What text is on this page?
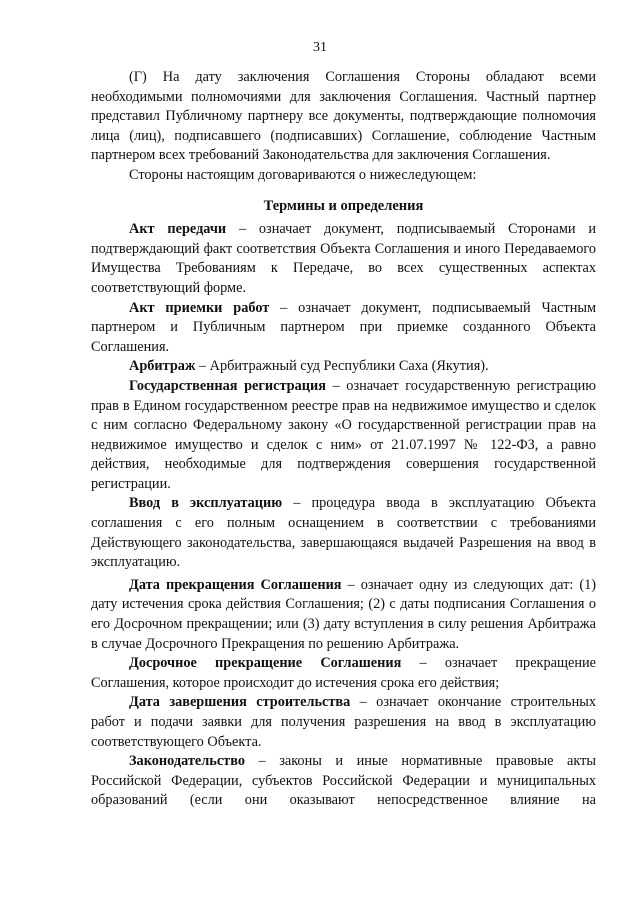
31

(Г) На дату заключения Соглашения Стороны обладают всеми необходимыми полномочиями для заключения Соглашения. Частный партнер представил Публичному партнеру все документы, подтверждающие полномочия лица (лиц), подписавшего (подписавших) Соглашение, соблюдение Частным партнером всех требований Законодательства для заключения Соглашения.

Стороны настоящим договариваются о нижеследующем:

Термины и определения

Акт передачи – означает документ, подписываемый Сторонами и подтверждающий факт соответствия Объекта Соглашения и иного Передаваемого Имущества Требованиям к Передаче, во всех существенных аспектах соответствующий форме.

Акт приемки работ – означает документ, подписываемый Частным партнером и Публичным партнером при приемке созданного Объекта Соглашения.

Арбитраж – Арбитражный суд Республики Саха (Якутия).

Государственная регистрация – означает государственную регистрацию прав в Едином государственном реестре прав на недвижимое имущество и сделок с ним согласно Федеральному закону «О государственной регистрации прав на недвижимое имущество и сделок с ним» от 21.07.1997 № 122-ФЗ, а равно действия, необходимые для подтверждения совершения государственной регистрации.

Ввод в эксплуатацию – процедура ввода в эксплуатацию Объекта соглашения с его полным оснащением в соответствии с требованиями Действующего законодательства, завершающаяся выдачей Разрешения на ввод в эксплуатацию.

Дата прекращения Соглашения – означает одну из следующих дат: (1) дату истечения срока действия Соглашения; (2) с даты подписания Соглашения о его Досрочном прекращении; или (3) дату вступления в силу решения Арбитража в случае Досрочного Прекращения по решению Арбитража.

Досрочное прекращение Соглашения – означает прекращение Соглашения, которое происходит до истечения срока его действия;

Дата завершения строительства – означает окончание строительных работ и подачи заявки для получения разрешения на ввод в эксплуатацию соответствующего Объекта.

Законодательство – законы и иные нормативные правовые акты Российской Федерации, субъектов Российской Федерации и муниципальных образований (если они оказывают непосредственное влияние на
